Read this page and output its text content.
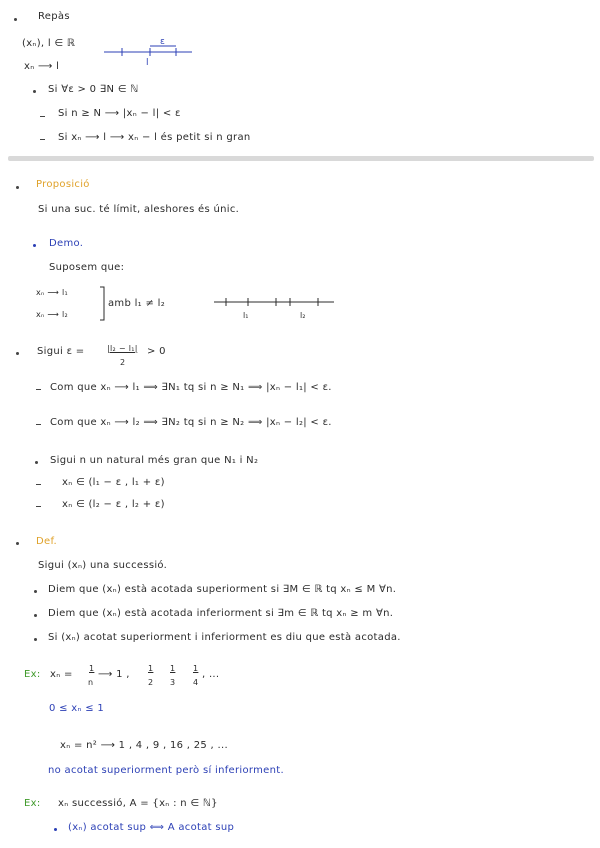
Repàs
(xₙ), l ∈ ℝ
xₙ ⟶ l
ε
l
Si ∀ε > 0 ∃N ∈ ℕ
Si n ≥ N ⟶ |xₙ − l| < ε
Si xₙ ⟶ l ⟶ xₙ − l és petit si n gran
Proposició
Si una suc. té límit, aleshores és únic.
Demo.
Suposem que:
xₙ ⟶ l₁
xₙ ⟶ l₂
amb l₁ ≠ l₂
l₁	l₂
Sigui ε =	|l₂ − l₁|
2
> 0
Com que xₙ ⟶ l₁ ⟹ ∃N₁ tq si n ≥ N₁ ⟹ |xₙ − l₁| < ε.
Com que xₙ ⟶ l₂ ⟹ ∃N₂ tq si n ≥ N₂ ⟹ |xₙ − l₂| < ε.
Sigui n un natural més gran que N₁ i N₂
xₙ ∈ (l₁ − ε , l₁ + ε)
xₙ ∈ (l₂ − ε , l₂ + ε)
Def.
Sigui (xₙ) una successió.
Diem que (xₙ) està acotada superiorment si ∃M ∈ ℝ tq xₙ ≤ M ∀n.
Diem que (xₙ) està acotada inferiorment si ∃m ∈ ℝ tq xₙ ≥ m ∀n.
Si (xₙ) acotat superiorment i inferiorment es diu que està acotada.
Ex: xₙ =
1
n
⟶ 1 ,
1
2
1
3
1
4
, ...
0 ≤ xₙ ≤ 1
xₙ = n² ⟶ 1 , 4 , 9 , 16 , 25 , ...
no acotat superiorment però sí inferiorment.
Ex: xₙ successió, A = {xₙ : n ∈ ℕ}
(xₙ) acotat sup ⟺ A acotat sup
